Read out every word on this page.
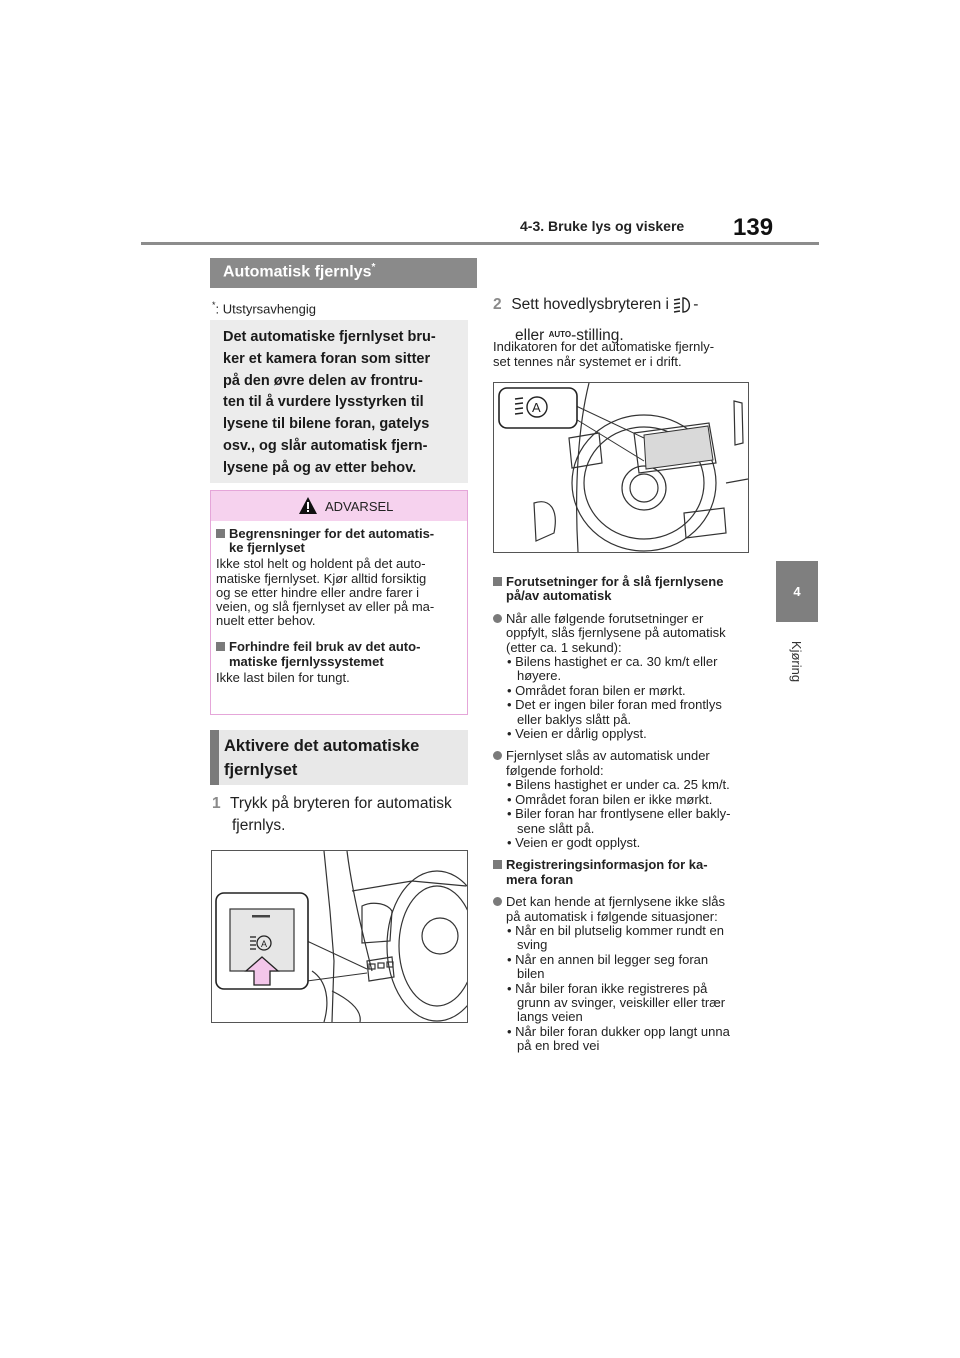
4-3. Bruke lys og viskere 139
4
Kjøring
Automatisk fjernlys*
*: Utstyrsavhengig
Det automatiske fjernlyset bru-
ker et kamera foran som sitter
på den øvre delen av frontru-
ten til å vurdere lysstyrken til
lysene til bilene foran, gatelys
osv., og slår automatisk fjern-
lysene på og av etter behov.
ADVARSEL
Begrensninger for det automatis-
ke fjernlyset
Ikke stol helt og holdent på det auto-
matiske fjernlyset. Kjør alltid forsiktig
og se etter hindre eller andre farer i
veien, og slå fjernlyset av eller på ma-
nuelt etter behov.
Forhindre feil bruk av det auto-
matiske fjernlyssystemet
Ikke last bilen for tungt.
Aktivere det automatiske
fjernlyset
1 Trykk på bryteren for automatisk
fjernlys.
A
2 Sett hovedlysbryteren i -
eller AUTO-stilling.
Indikatoren for det automatiske fjernly-
set tennes når systemet er i drift.
A
Forutsetninger for å slå fjernlysene
på/av automatisk
Når alle følgende forutsetninger er
oppfylt, slås fjernlysene på automatisk
(etter ca. 1 sekund):
• Bilens hastighet er ca. 30 km/t eller
høyere.
• Området foran bilen er mørkt.
• Det er ingen biler foran med frontlys
eller baklys slått på.
• Veien er dårlig opplyst.
Fjernlyset slås av automatisk under
følgende forhold:
• Bilens hastighet er under ca. 25 km/t.
• Området foran bilen er ikke mørkt.
• Biler foran har frontlysene eller bakly-
sene slått på.
• Veien er godt opplyst.
Registreringsinformasjon for ka-
mera foran
Det kan hende at fjernlysene ikke slås
på automatisk i følgende situasjoner:
• Når en bil plutselig kommer rundt en
sving
• Når en annen bil legger seg foran
bilen
• Når biler foran ikke registreres på
grunn av svinger, veiskiller eller trær
langs veien
• Når biler foran dukker opp langt unna
på en bred vei
